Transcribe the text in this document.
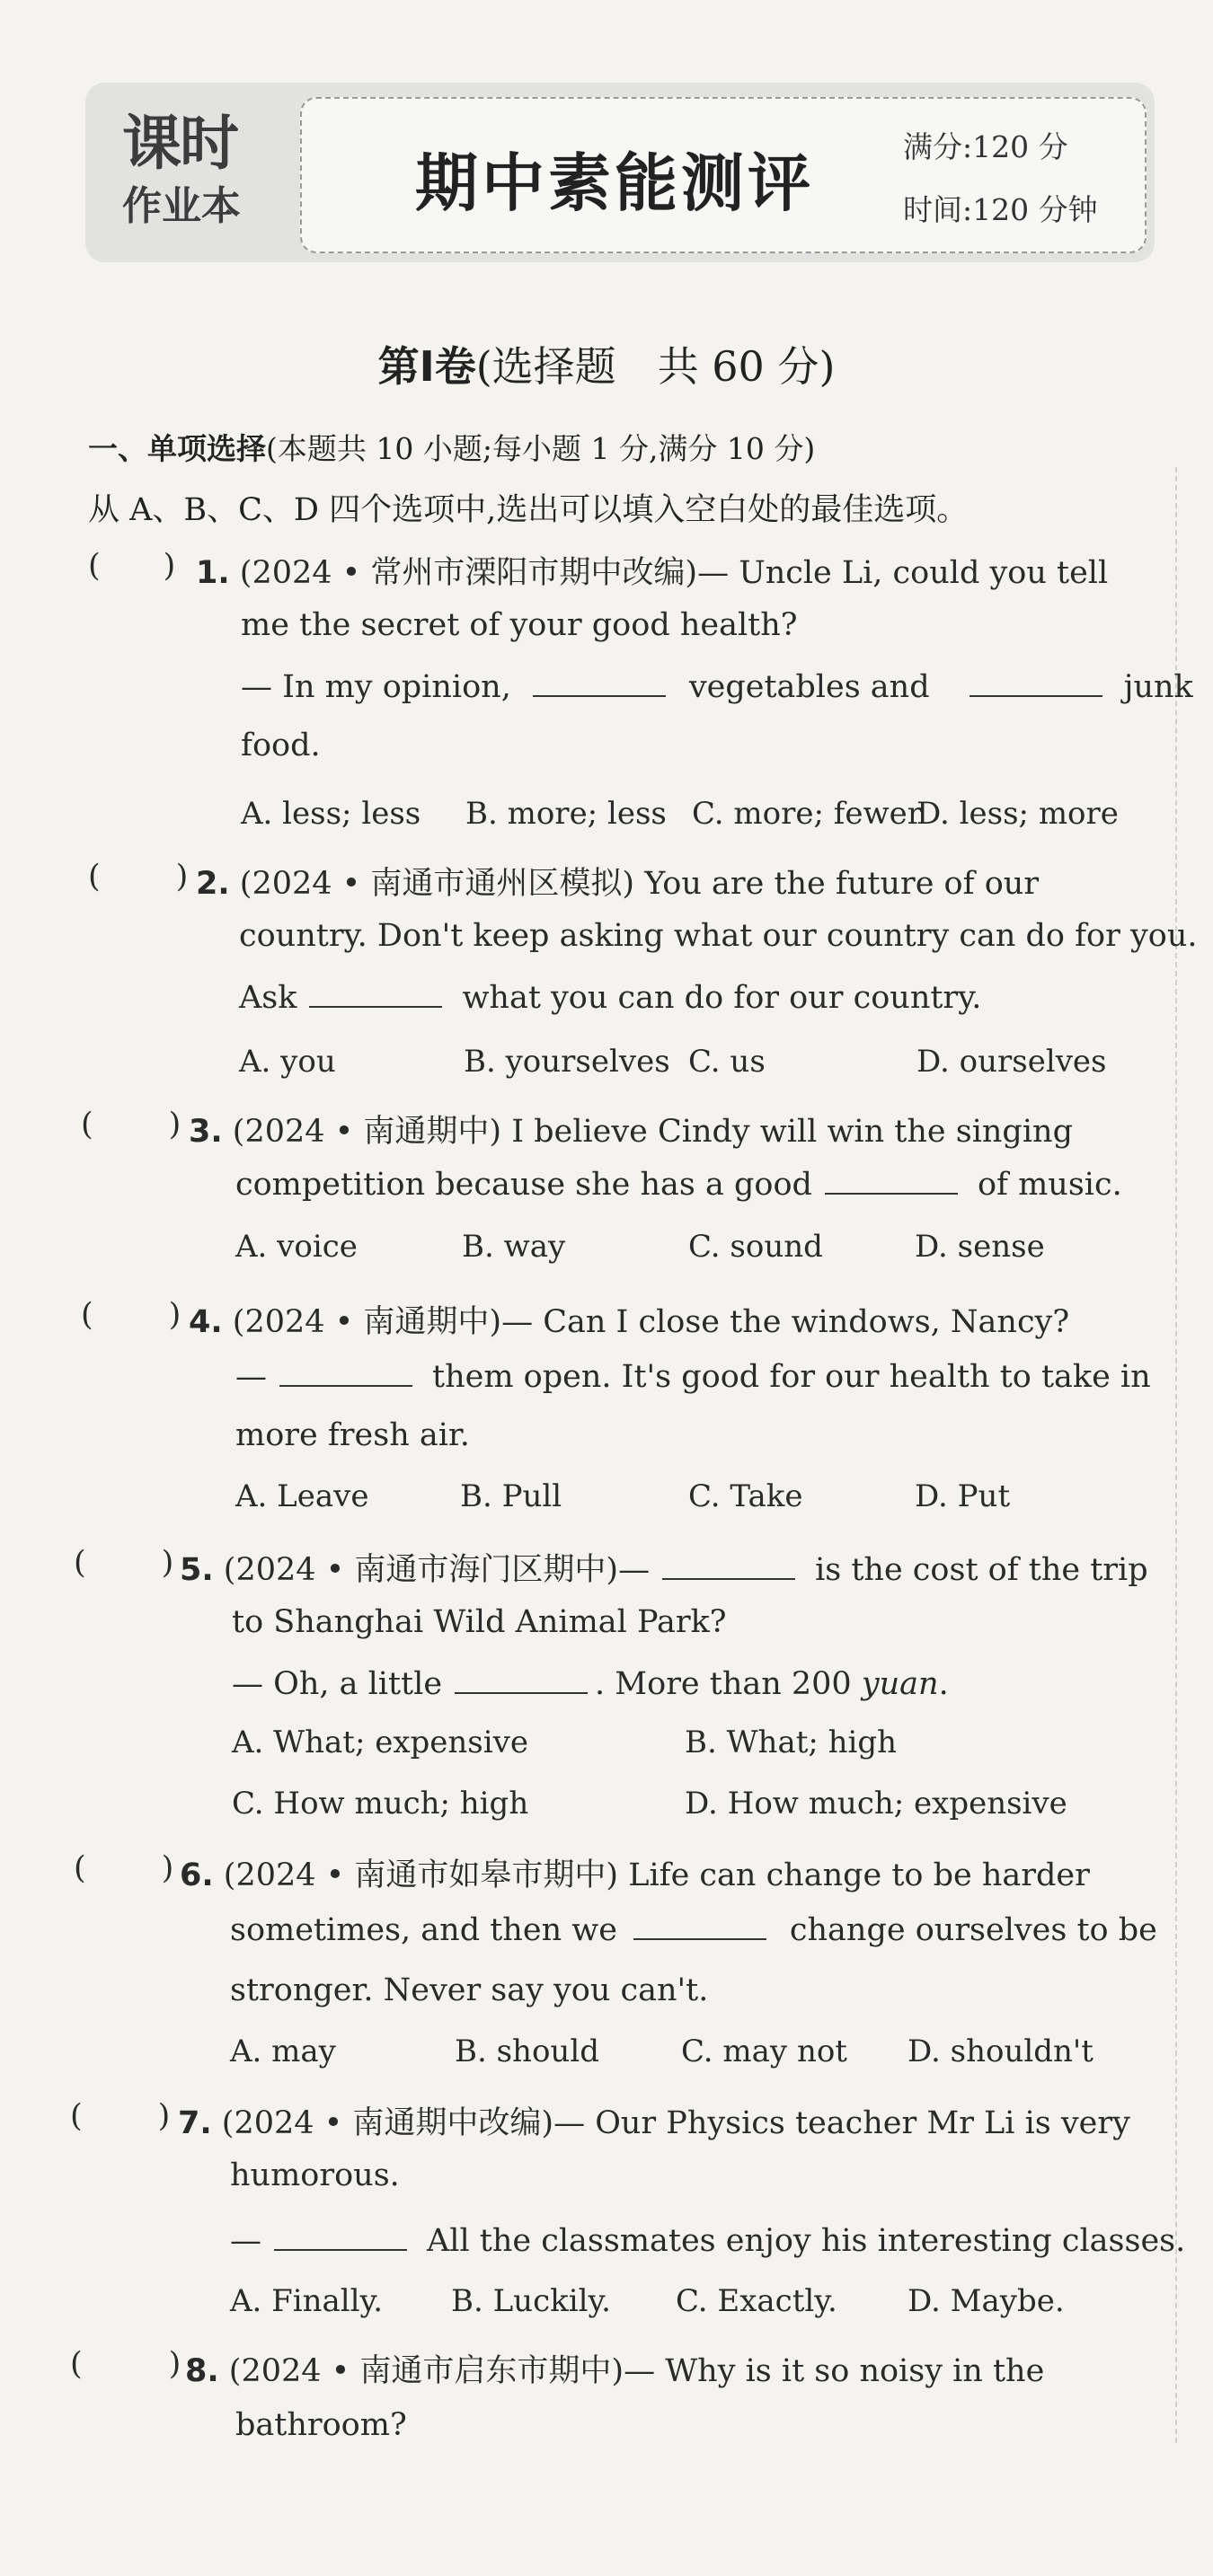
课时
作业本	期中素能测评	满分:120 分
时间:120 分钟
第Ⅰ卷(选择题　共 60 分)
一、单项选择(本题共 10 小题;每小题 1 分,满分 10 分)
从 A、B、C、D 四个选项中,选出可以填入空白处的最佳选项。
( ) 1. (2024 • 常州市溧阳市期中改编)— Uncle Li, could you tell
me the secret of your good health?
— In my opinion,	vegetables and	junk
food.
A. less; less B. more; less C. more; fewer
D. less; more
( ) 2. (2024 • 南通市通州区模拟) You are the future of our
country. Don't keep asking what our country can do for you.
Ask	what you can do for our country.
A. you	B. yourselves C. us	D. ourselves
( ) 3. (2024 • 南通期中) I believe Cindy will win the singing
competition because she has a good	of music.
A. voice	B. way	C. sound	D. sense
( ) 4. (2024 • 南通期中)— Can I close the windows, Nancy?
—	them open. It's good for our health to take in
more fresh air.
A. Leave	B. Pull	C. Take	D. Put
( ) 5. (2024 • 南通市海门区期中)—	is the cost of the trip
to Shanghai Wild Animal Park?
— Oh, a little	. More than 200 yuan.
A. What; expensive	B. What; high
C. How much; high	D. How much; expensive
( ) 6. (2024 • 南通市如皋市期中) Life can change to be harder
sometimes, and then we	change ourselves to be
stronger. Never say you can't.
A. may	B. should	C. may not D. shouldn't
( ) 7. (2024 • 南通期中改编)— Our Physics teacher Mr Li is very
humorous.
—	All the classmates enjoy his interesting classes.
A. Finally. B. Luckily. C. Exactly. D. Maybe.
(	) 8. (2024 • 南通市启东市期中)— Why is it so noisy in the
bathroom?
